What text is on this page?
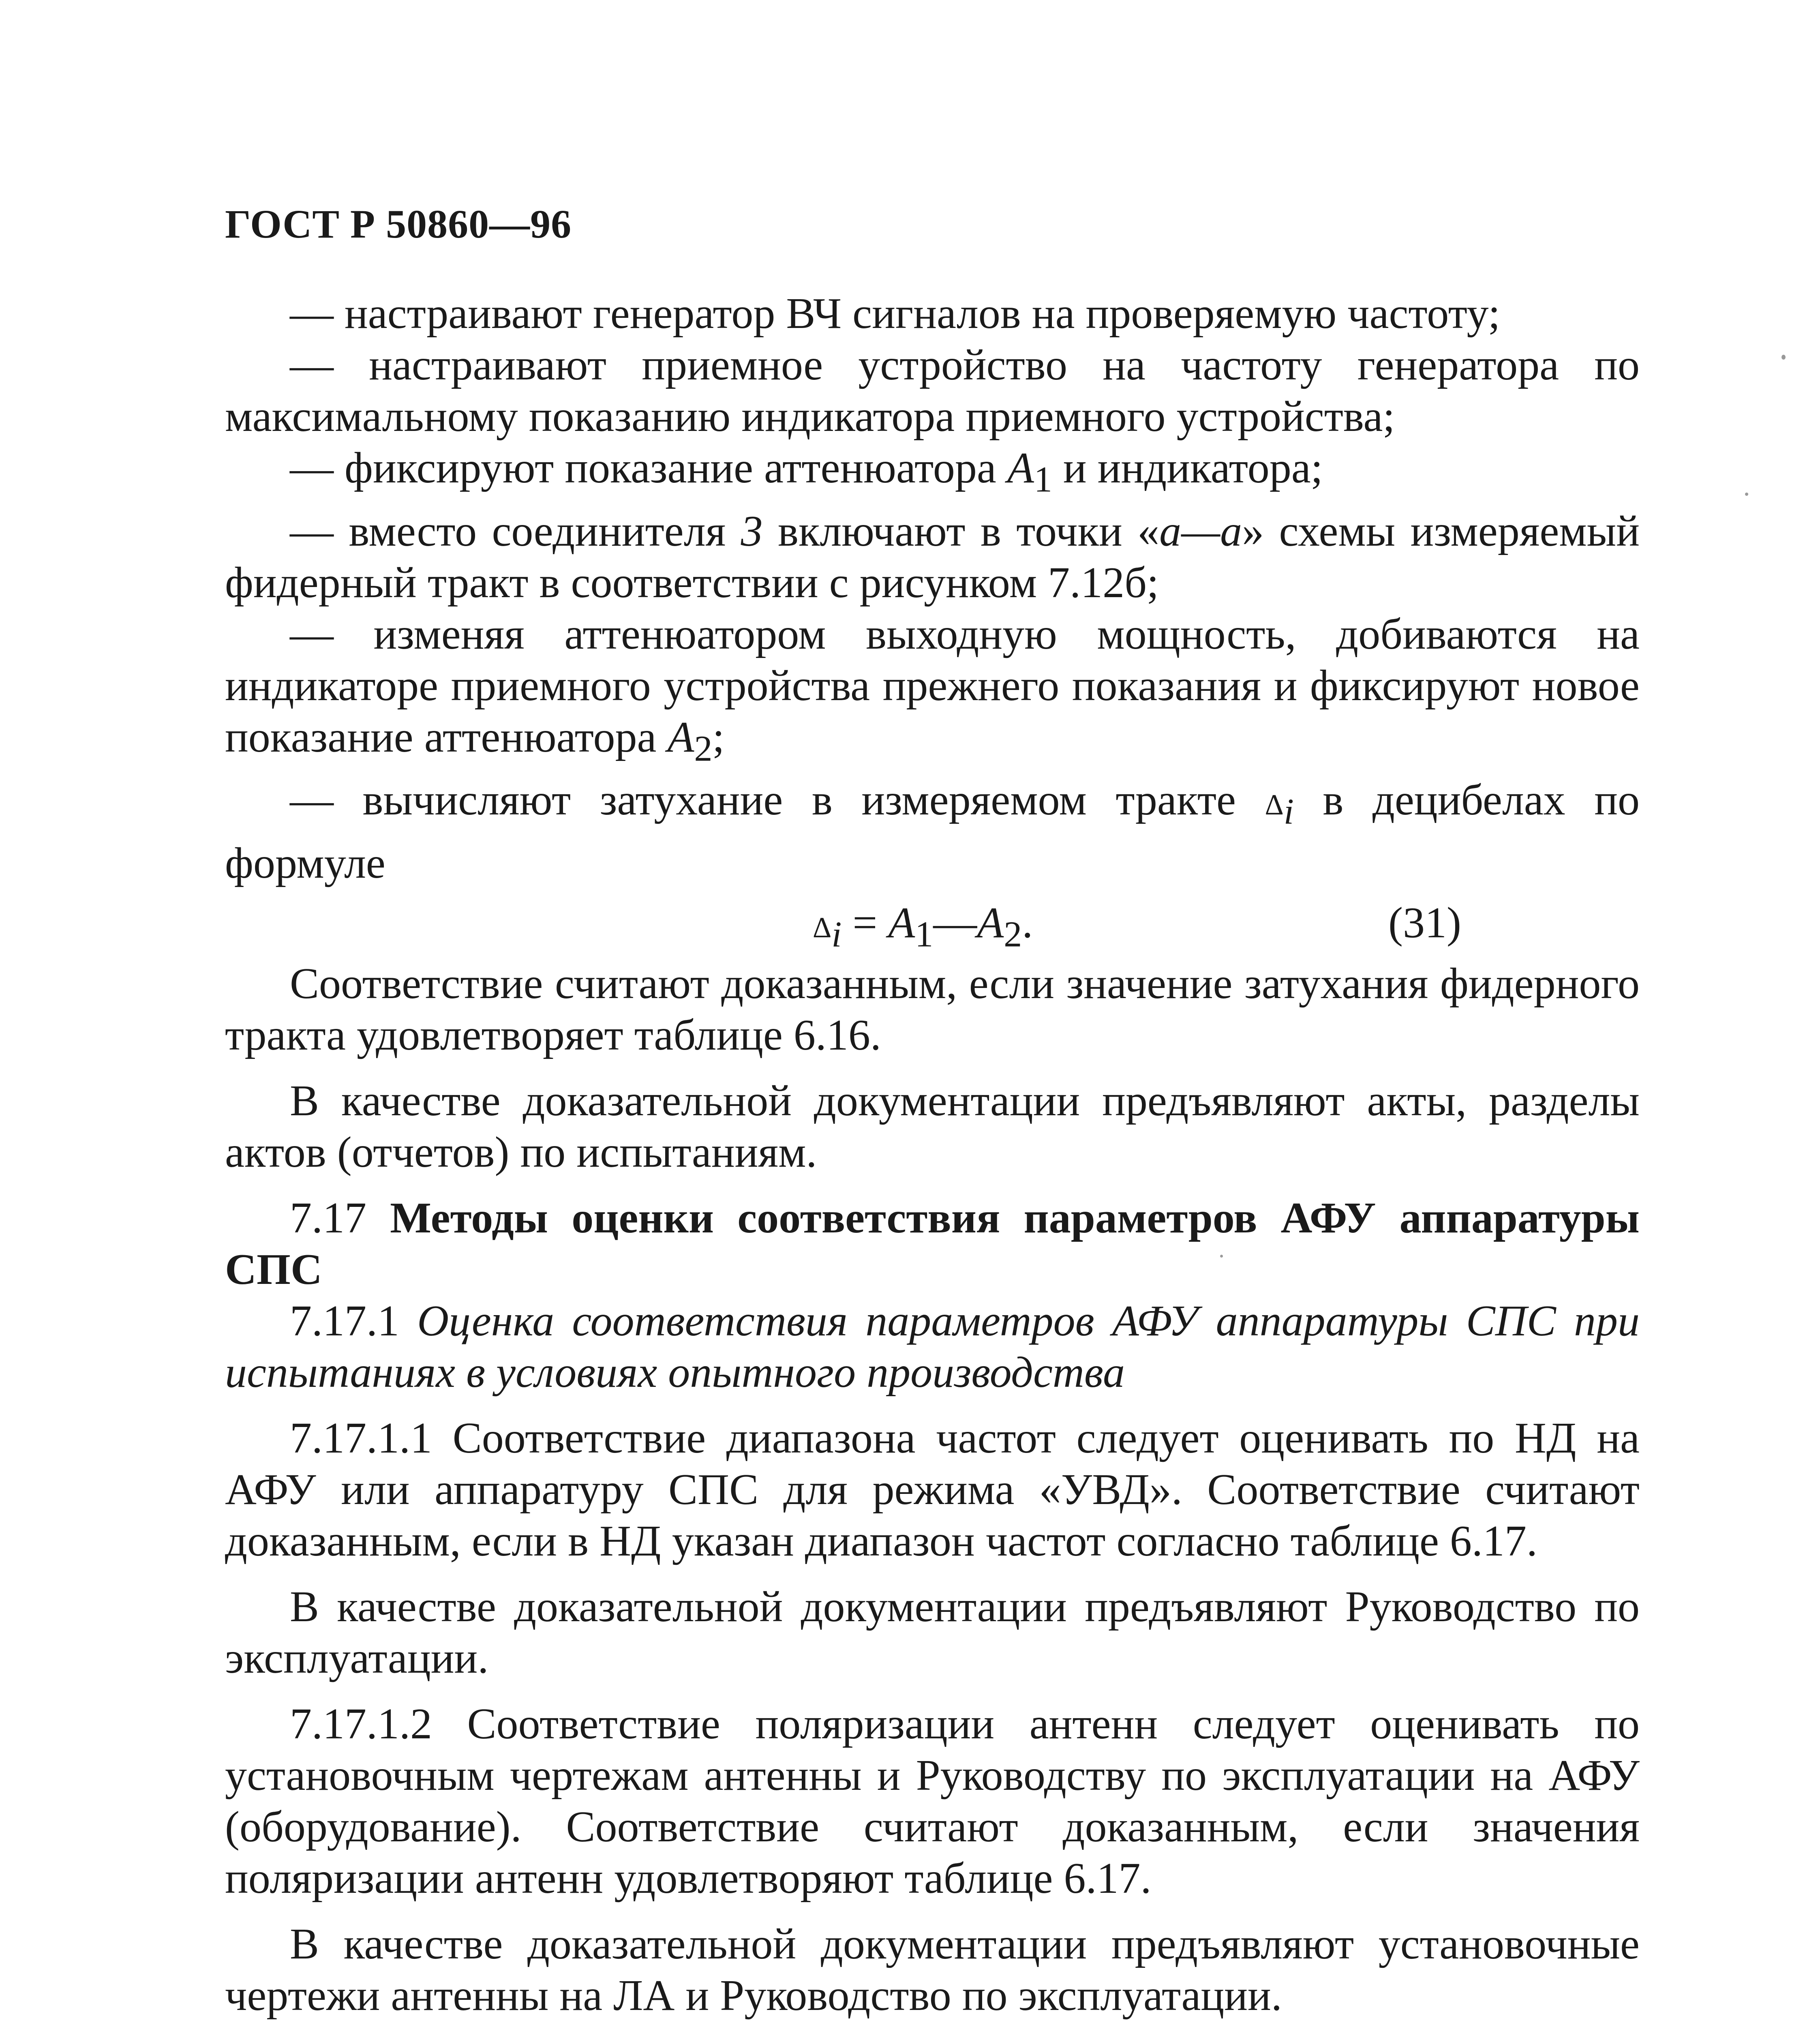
ГОСТ Р 50860—96

— настраивают генератор ВЧ сигналов на проверяемую частоту;

— настраивают приемное устройство на частоту генератора по максимальному показанию индикатора приемного устройства;

— фиксируют показание аттенюатора $A_1$ и индикатора;

— вместо соединителя 3 включают в точки «а—а» схемы измеряемый фидерный тракт в соответствии с рисунком 7.12б;

— изменяя аттенюатором выходную мощность, добиваются на индикаторе приемного устройства прежнего показания и фиксируют новое показание аттенюатора $A_2$;

— вычисляют затухание в измеряемом тракте $\Delta_i$ в децибелах по формуле

$\Delta_i$ = $A_1—A_2$.	(31)

Соответствие считают доказанным, если значение затухания фидерного тракта удовлетворяет таблице 6.16.

В качестве доказательной документации предъявляют акты, разделы актов (отчетов) по испытаниям.

7.17 Методы оценки соответствия параметров АФУ аппаратуры СПС

7.17.1 Оценка соответствия параметров АФУ аппаратуры СПС при испытаниях в условиях опытного производства

7.17.1.1 Соответствие диапазона частот следует оценивать по НД на АФУ или аппаратуру СПС для режима «УВД». Соответствие считают доказанным, если в НД указан диапазон частот согласно таблице 6.17.

В качестве доказательной документации предъявляют Руководство по эксплуатации.

7.17.1.2 Соответствие поляризации антенн следует оценивать по установочным чертежам антенны и Руководству по эксплуатации на АФУ (оборудование). Соответствие считают доказанным, если значения поляризации антенн удовлетворяют таблице 6.17.

В качестве доказательной документации предъявляют установочные чертежи антенны на ЛА и Руководство по эксплуатации.
